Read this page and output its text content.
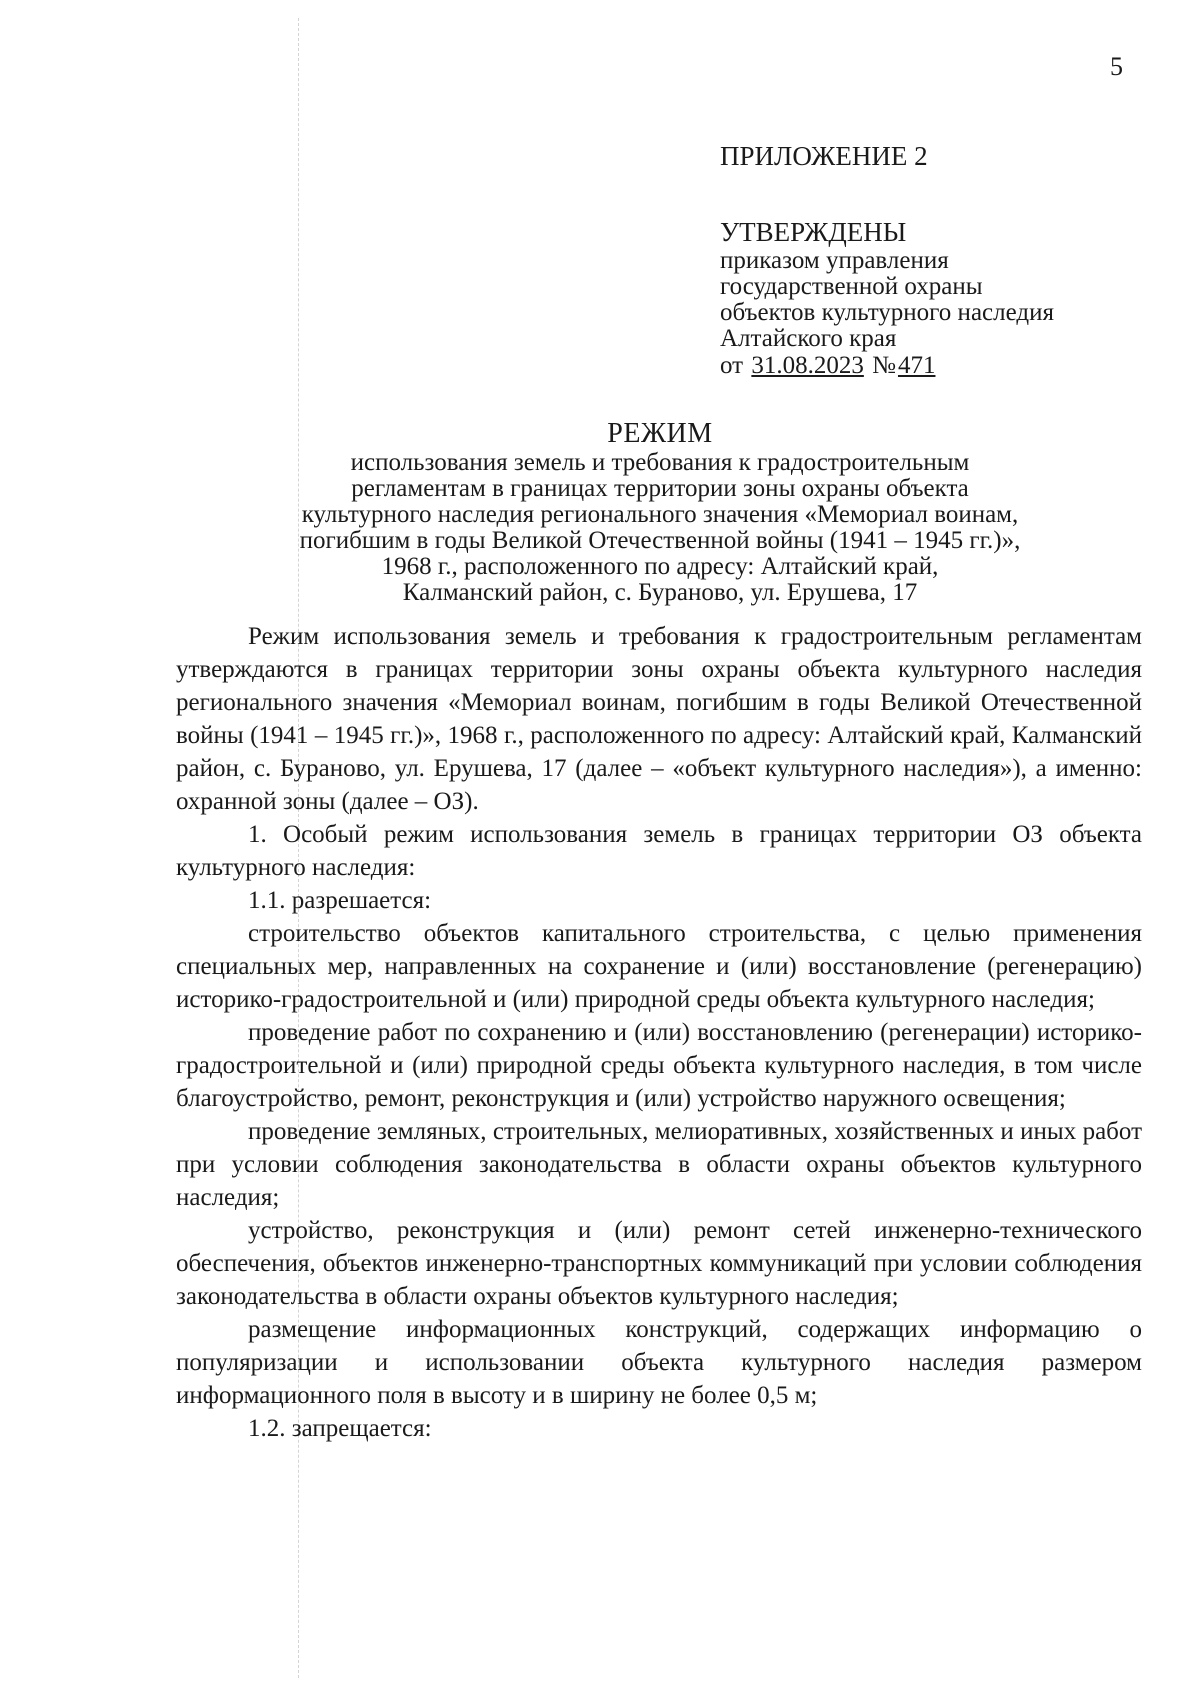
5

ПРИЛОЖЕНИЕ 2

УТВЕРЖДЕНЫ

приказом управления

государственной охраны

объектов культурного наследия

Алтайского края

от 31.08.2023 №471

РЕЖИМ

использования земель и требования к градостроительным

регламентам в границах территории зоны охраны объекта

культурного наследия регионального значения «Мемориал воинам,

погибшим в годы Великой Отечественной войны (1941 – 1945 гг.)»,

1968 г., расположенного по адресу: Алтайский край,

Калманский район, с. Бураново, ул. Ерушева, 17

Режим использования земель и требования к градостроительным регламентам утверждаются в границах территории зоны охраны объекта культурного наследия регионального значения «Мемориал воинам, погибшим в годы Великой Отечественной войны (1941 – 1945 гг.)», 1968 г., расположенного по адресу: Алтайский край, Калманский район, с. Бураново, ул. Ерушева, 17 (далее – «объект культурного наследия»), а именно: охранной зоны (далее – ОЗ).

1. Особый режим использования земель в границах территории ОЗ объекта культурного наследия:

1.1. разрешается:

строительство объектов капитального строительства, с целью применения специальных мер, направленных на сохранение и (или) восстановление (регенерацию) историко-градостроительной и (или) природной среды объекта культурного наследия;

проведение работ по сохранению и (или) восстановлению (регенерации) историко-градостроительной и (или) природной среды объекта культурного наследия, в том числе благоустройство, ремонт, реконструкция и (или) устройство наружного освещения;

проведение земляных, строительных, мелиоративных, хозяйственных и иных работ при условии соблюдения законодательства в области охраны объектов культурного наследия;

устройство, реконструкция и (или) ремонт сетей инженерно-технического обеспечения, объектов инженерно-транспортных коммуникаций при условии соблюдения законодательства в области охраны объектов культурного наследия;

размещение информационных конструкций, содержащих информацию о популяризации и использовании объекта культурного наследия размером информационного поля в высоту и в ширину не более 0,5 м;

1.2. запрещается:
